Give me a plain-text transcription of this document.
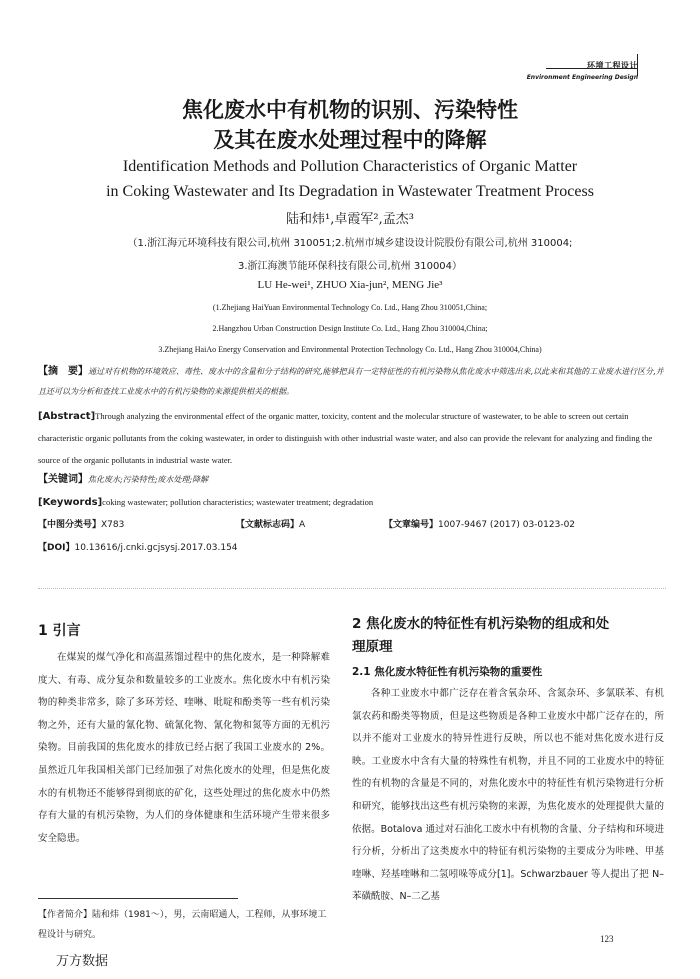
环境工程设计
Environment Engineering Design
焦化废水中有机物的识别、污染特性
及其在废水处理过程中的降解
Identification Methods and Pollution Characteristics of Organic Matter
in Coking Wastewater and Its Degradation in Wastewater Treatment Process
陆和炜¹,卓霞军²,孟杰³
（1.浙江海元环境科技有限公司,杭州 310051;2.杭州市城乡建设设计院股份有限公司,杭州 310004;
3.浙江海澳节能环保科技有限公司,杭州 310004）
LU He-wei¹, ZHUO Xia-jun², MENG Jie³
(1.Zhejiang HaiYuan Environmental Technology Co. Ltd., Hang Zhou 310051,China;
2.Hangzhou Urban Construction Design Institute Co. Ltd., Hang Zhou 310004,China;
3.Zhejiang HaiAo Energy Conservation and Environmental Protection Technology Co. Ltd., Hang Zhou 310004,China)
【摘　要】通过对有机物的环境效应、毒性、废水中的含量和分子结构的研究,能够把具有一定特征性的有机污染物从焦化废水中筛选出来,以此来和其他的工业废水进行区分,并且还可以为分析和查找工业废水中的有机污染物的来源提供相关的根据。
[Abstract]Through analyzing the environmental effect of the organic matter, toxicity, content and the molecular structure of wastewater, to be able to screen out certain characteristic organic pollutants from the coking wastewater, in order to distinguish with other industrial waste water, and also can provide the relevant for analyzing and finding the source of the organic pollutants in industrial waste water.
【关键词】焦化废水;污染特性;废水处理;降解
[Keywords]coking wastewater; pollution characteristics; wastewater treatment; degradation
【中图分类号】X783	【文献标志码】A	【文章编号】1007-9467 (2017) 03-0123-02
【DOI】10.13616/j.cnki.gcjsysj.2017.03.154
1 引言

在煤炭的煤气净化和高温蒸馏过程中的焦化废水，是一种降解难度大、有毒、成分复杂和数量较多的工业废水。焦化废水中有机污染物的种类非常多，除了多环芳烃、喹啉、吡啶和酚类等一些有机污染物之外，还有大量的氰化物、硫氰化物、氰化物和氮等方面的无机污染物。目前我国的焦化废水的排放已经占据了我国工业废水的 2%。虽然近几年我国相关部门已经加强了对焦化废水的处理，但是焦化废水的有机物还不能够得到彻底的矿化，这些处理过的焦化废水中仍然存有大量的有机污染物，为人们的身体健康和生活环境产生带来很多安全隐患。

【作者简介】陆和炜（1981～），男，云南昭通人，工程师，从事环境工程设计与研究。
2 焦化废水的特征性有机污染物的组成和处
理原理
2.1 焦化废水特征性有机污染物的重要性

各种工业废水中都广泛存在着含氧杂环、含氮杂环、多氯联苯、有机氯农药和酚类等物质，但是这些物质是各种工业废水中都广泛存在的，所以并不能对工业废水的特异性进行反映，所以也不能对焦化废水进行反映。工业废水中含有大量的特殊性有机物，并且不同的工业废水中的特征性的有机物的含量是不同的，对焦化废水中的特征性有机污染物进行分析和研究，能够找出这些有机污染物的来源，为焦化废水的处理提供大量的依据。Botalova 通过对石油化工废水中有机物的含量、分子结构和环境进行分析，分析出了这类废水中的特征有机污染物的主要成分为咔唑、甲基喹啉、羟基喹啉和二氢吲哚等成分[1]。Schwarzbauer 等人提出了把 N–苯磺酰胺、N–二乙基

123
万方数据
